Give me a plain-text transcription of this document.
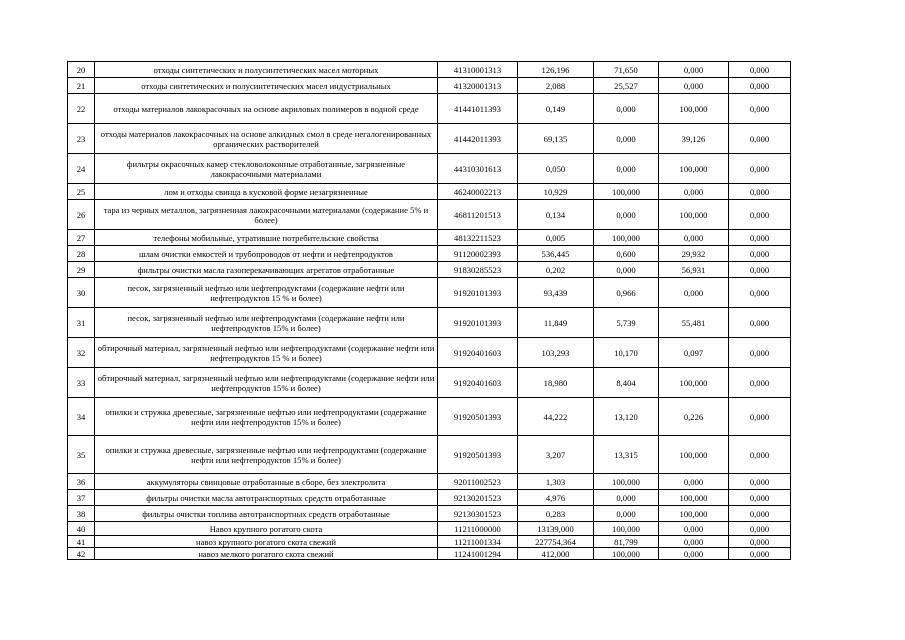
20	отходы синтетических и полусинтетических масел моторных	41310001313	126,196	71,650	0,000	0,000
21	отходы синтетических и полусинтетических масел индустриальных	41320001313	2,088	25,527	0,000	0,000
22	отходы материалов лакокрасочных на основе акриловых полимеров в водной среде	41441011393	0,149	0,000	100,000	0,000
23	отходы материалов лакокрасочных на основе алкидных смол в среде негалогенированных органических растворителей	41442011393	69,135	0,000	39,126	0,000
24	фильтры окрасочных камер стекловолоконные отработанные, загрязненные лакокрасочными материалами	44310301613	0,050	0,000	100,000	0,000
25	лом и отходы свинца в кусковой форме незагрязненные	46240002213	10,929	100,000	0,000	0,000
26	тара из черных металлов, загрязненная лакокрасочными материалами (содержание 5% и более)	46811201513	0,134	0,000	100,000	0,000
27	телефоны мобильные, утратившие потребительские свойства	48132211523	0,005	100,000	0,000	0,000
28	шлам очистки емкостей и трубопроводов от нефти и нефтепродуктов	91120002393	536,445	0,600	29,932	0,000
29	фильтры очистки масла газоперекачивающих агрегатов отработанные	91830285523	0,202	0,000	56,931	0,000
30	песок, загрязненный нефтью или нефтепродуктами (содержание нефти или нефтепродуктов 15 % и более)	91920101393	93,439	0,966	0,000	0,000
31	песок, загрязненный нефтью или нефтепродуктами (содержание нефти или нефтепродуктов 15% и более)	91920101393	11,849	5,739	55,481	0,000
32	обтирочный материал, загрязненный нефтью или нефтепродуктами (содержание нефти или нефтепродуктов 15 % и более)	91920401603	103,293	10,170	0,097	0,000
33	обтирочный материал, загрязненный нефтью или нефтепродуктами (содержание нефти или нефтепродуктов 15% и более)	91920401603	18,980	8,404	100,000	0,000
34	опилки и стружка древесные, загрязненные нефтью или нефтепродуктами (содержание нефти или нефтепродуктов 15% и более)	91920501393	44,222	13,120	0,226	0,000
35	опилки и стружка древесные, загрязненные нефтью или нефтепродуктами (содержание нефти или нефтепродуктов 15% и более)	91920501393	3,207	13,315	100,000	0,000
36	аккумуляторы свинцовые отработанные в сборе, без электролита	92011002523	1,303	100,000	0,000	0,000
37	фильтры очистки масла автотранспортных средств отработанные	92130201523	4,976	0,000	100,000	0,000
38	фильтры очистки топлива автотранспортных средств отработанные	92130301523	0,283	0,000	100,000	0,000
40	Навоз крупного рогатого скота	11211000000	13139,000	100,000	0,000	0,000
41	навоз крупного рогатого скота свежий	11211001334	227754,364	81,799	0,000	0,000
42	навоз мелкого рогатого скота свежий	11241001294	412,000	100,000	0,000	0,000
